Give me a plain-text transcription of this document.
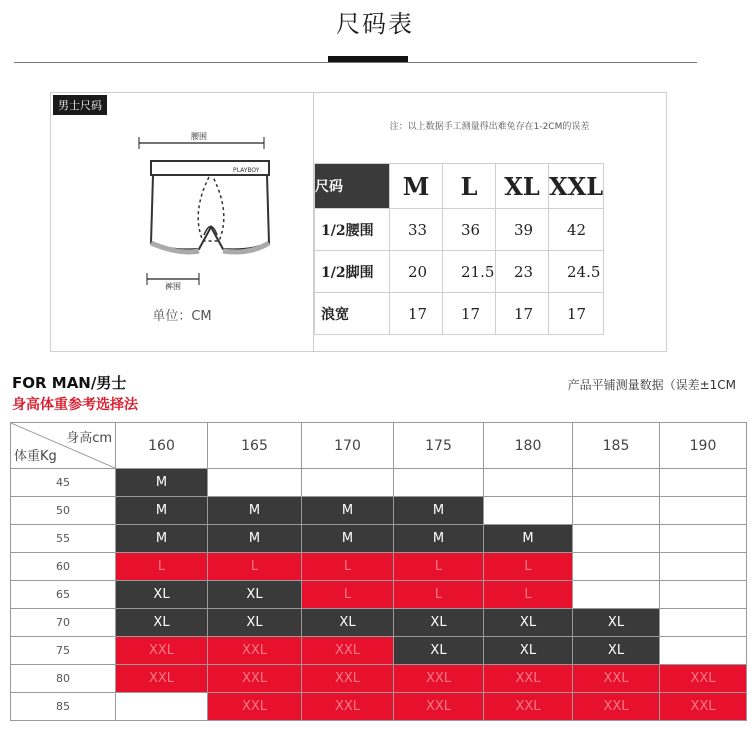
尺码表
男士尺码
腰围
PLAYBOY
裤围
单位：CM
注：以上数据手工测量得出难免存在1-2CM的误差
尺码	M	L	XL	XXL
1/2腰围	33	36	39	42
1/2脚围	20	21.5	23	24.5
浪宽	17	17	17	17
FOR MAN/男士
身高体重参考选择法
产品平铺测量数据（误差±1CM
身高cm
体重Kg	160	165	170	175	180	185	190
45	M						
50	M	M	M	M			
55	M	M	M	M	M		
60	L	L	L	L	L		
65	XL	XL	L	L	L		
70	XL	XL	XL	XL	XL	XL	
75	XXL	XXL	XXL	XL	XL	XL	
80	XXL	XXL	XXL	XXL	XXL	XXL	XXL
85		XXL	XXL	XXL	XXL	XXL	XXL
